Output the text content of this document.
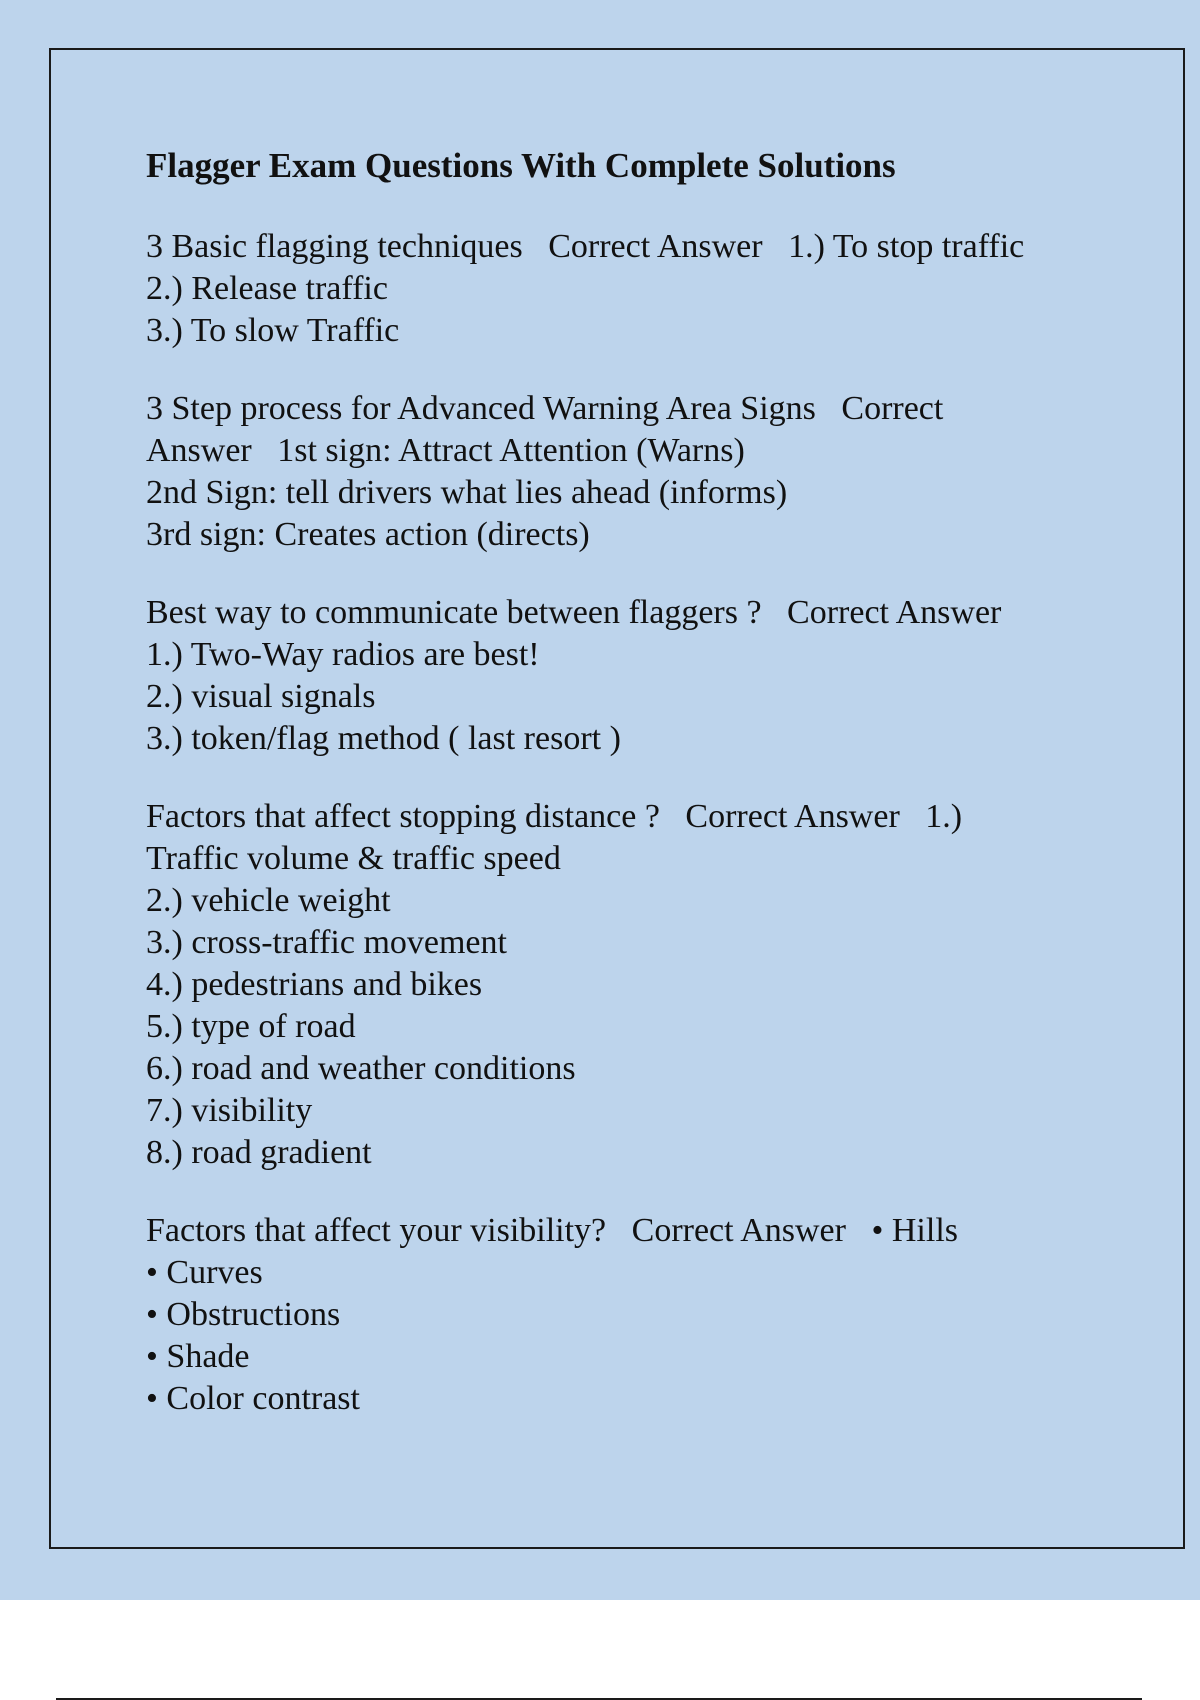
Flagger Exam Questions With Complete Solutions
3 Basic flagging techniques   Correct Answer   1.) To stop traffic
2.) Release traffic
3.) To slow Traffic
3 Step process for Advanced Warning Area Signs   Correct
Answer   1st sign: Attract Attention (Warns)
2nd Sign: tell drivers what lies ahead (informs)
3rd sign: Creates action (directs)
Best way to communicate between flaggers ?   Correct Answer
1.) Two-Way radios are best!
2.) visual signals
3.) token/flag method ( last resort )
Factors that affect stopping distance ?   Correct Answer   1.)
Traffic volume & traffic speed
2.) vehicle weight
3.) cross-traffic movement
4.) pedestrians and bikes
5.) type of road
6.) road and weather conditions
7.) visibility
8.) road gradient
Factors that affect your visibility?   Correct Answer   • Hills
• Curves
• Obstructions
• Shade
• Color contrast
